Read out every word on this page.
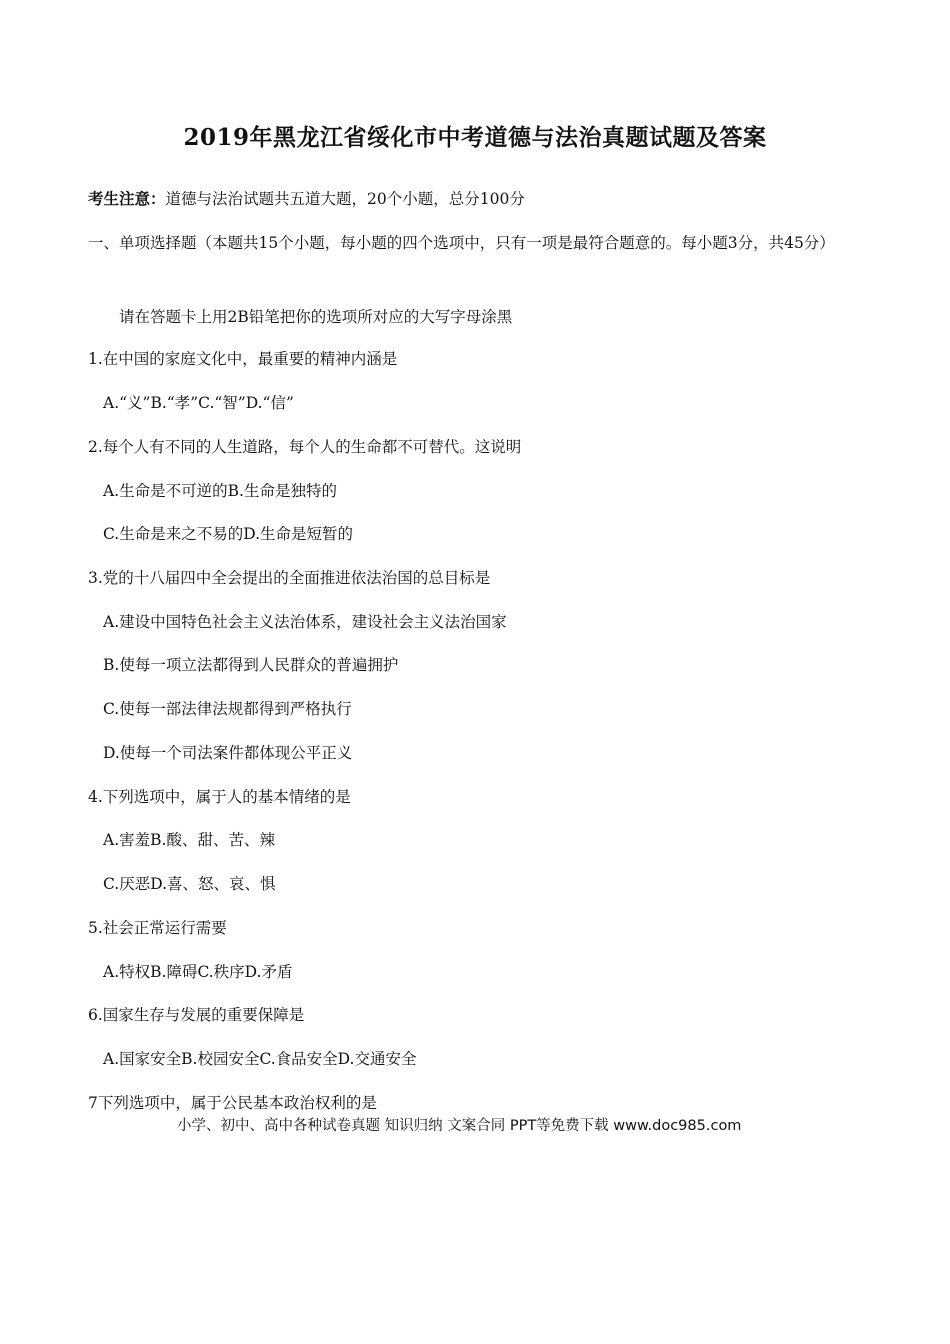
2019年黑龙江省绥化市中考道德与法治真题试题及答案
考生注意：道德与法治试题共五道大题，20个小题，总分100分
一、单项选择题（本题共15个小题，每小题的四个选项中，只有一项是最符合题意的。每小题3分，共45分）
请在答题卡上用2B铅笔把你的选项所对应的大写字母涂黑
1.在中国的家庭文化中，最重要的精神内涵是
A.“义”B.“孝”C.“智”D.“信”
2.每个人有不同的人生道路，每个人的生命都不可替代。这说明
A.生命是不可逆的B.生命是独特的
C.生命是来之不易的D.生命是短暂的
3.党的十八届四中全会提出的全面推进依法治国的总目标是
A.建设中国特色社会主义法治体系，建设社会主义法治国家
B.使每一项立法都得到人民群众的普遍拥护
C.使每一部法律法规都得到严格执行
D.使每一个司法案件都体现公平正义
4.下列选项中，属于人的基本情绪的是
A.害羞B.酸、甜、苦、辣
C.厌恶D.喜、怒、哀、惧
5.社会正常运行需要
A.特权B.障碍C.秩序D.矛盾
6.国家生存与发展的重要保障是
A.国家安全B.校园安全C.食品安全D.交通安全
7下列选项中，属于公民基本政治权利的是
小学、初中、高中各种试卷真题 知识归纳 文案合同 PPT等免费下载 www.doc985.com
